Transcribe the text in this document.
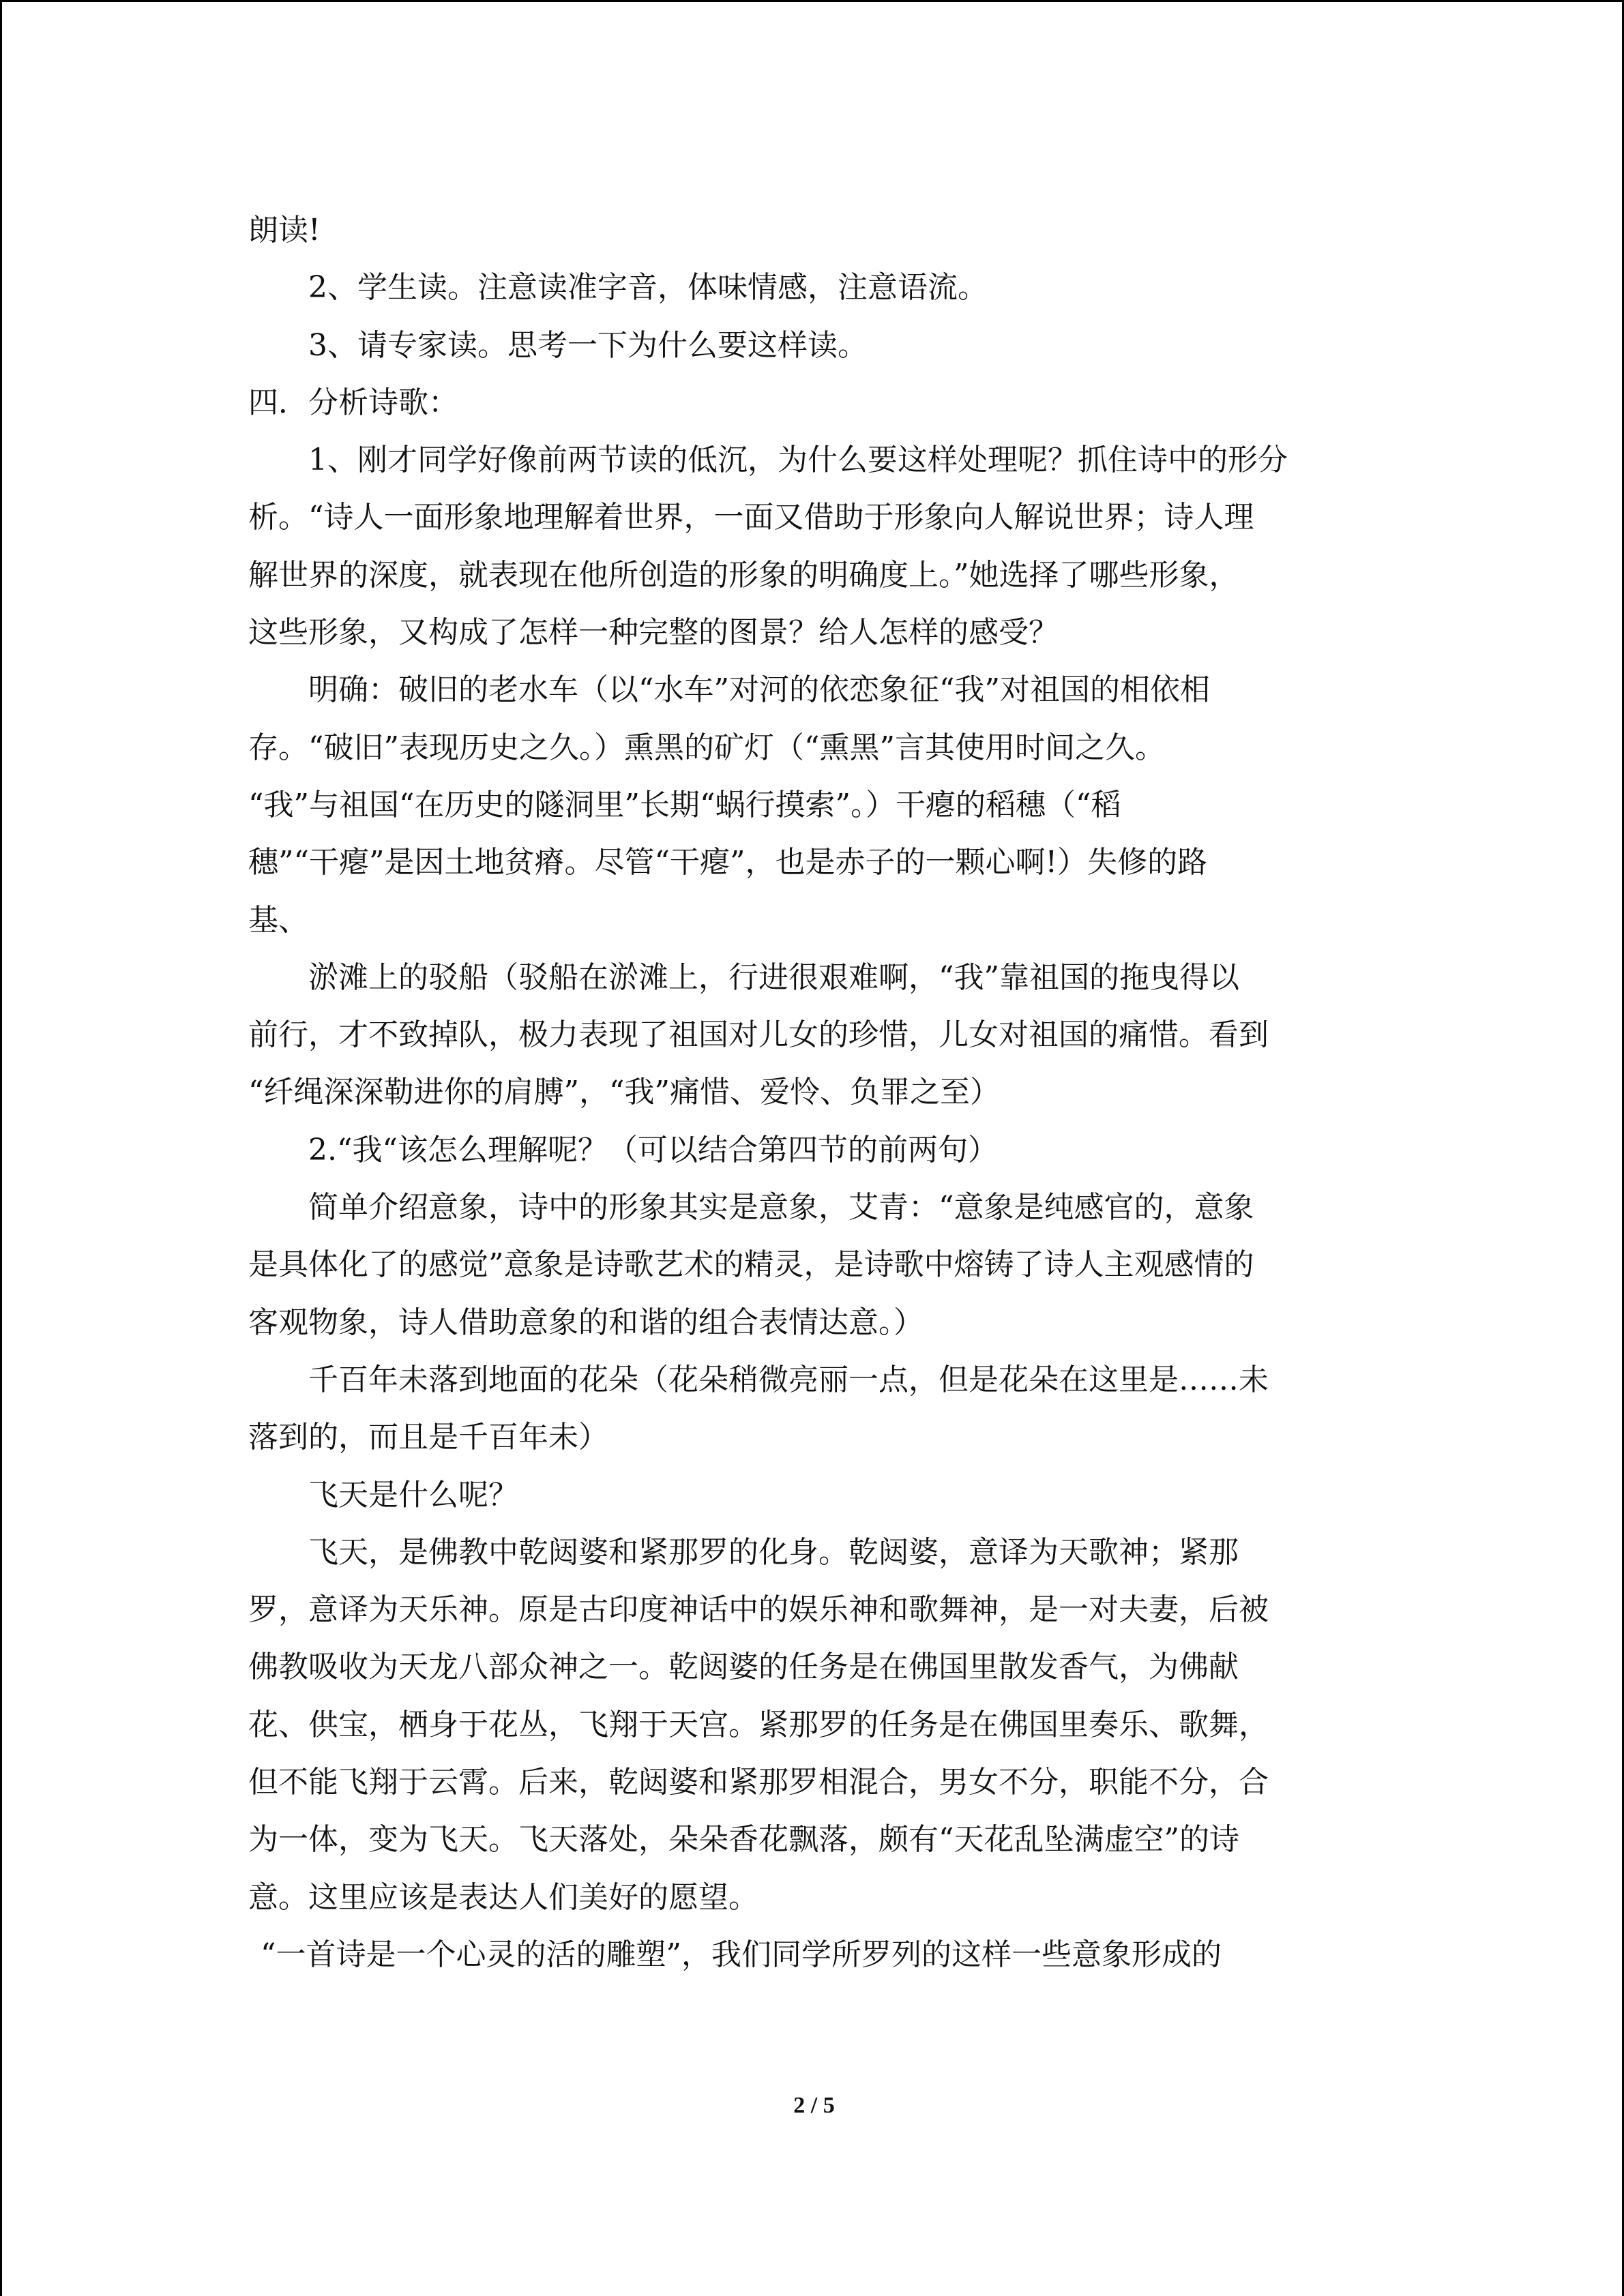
朗读!
2、学生读。注意读准字音，体味情感，注意语流。
3、请专家读。思考一下为什么要这样读。
四．分析诗歌：
1、刚才同学好像前两节读的低沉，为什么要这样处理呢？抓住诗中的形分
析。“诗人一面形象地理解着世界，一面又借助于形象向人解说世界；诗人理
解世界的深度，就表现在他所创造的形象的明确度上。”她选择了哪些形象，
这些形象，又构成了怎样一种完整的图景？给人怎样的感受？
明确：破旧的老水车（以“水车”对河的依恋象征“我”对祖国的相依相
存。“破旧”表现历史之久。）熏黑的矿灯（“熏黑”言其使用时间之久。
“我”与祖国“在历史的隧洞里”长期“蜗行摸索”。）干瘪的稻穗（“稻
穗”“干瘪”是因土地贫瘠。尽管“干瘪”，也是赤子的一颗心啊!）失修的路
基、
淤滩上的驳船（驳船在淤滩上，行进很艰难啊，“我”靠祖国的拖曳得以
前行，才不致掉队，极力表现了祖国对儿女的珍惜，儿女对祖国的痛惜。看到
“纤绳深深勒进你的肩膊”，“我”痛惜、爱怜、负罪之至）
2.“我“该怎么理解呢？（可以结合第四节的前两句）
简单介绍意象，诗中的形象其实是意象，艾青：“意象是纯感官的，意象
是具体化了的感觉”意象是诗歌艺术的精灵，是诗歌中熔铸了诗人主观感情的
客观物象，诗人借助意象的和谐的组合表情达意。）
千百年未落到地面的花朵（花朵稍微亮丽一点，但是花朵在这里是……未
落到的，而且是千百年未）
飞天是什么呢？
飞天，是佛教中乾闼婆和紧那罗的化身。乾闼婆，意译为天歌神；紧那
罗，意译为天乐神。原是古印度神话中的娱乐神和歌舞神，是一对夫妻，后被
佛教吸收为天龙八部众神之一。乾闼婆的任务是在佛国里散发香气，为佛献
花、供宝，栖身于花丛，飞翔于天宫。紧那罗的任务是在佛国里奏乐、歌舞，
但不能飞翔于云霄。后来，乾闼婆和紧那罗相混合，男女不分，职能不分，合
为一体，变为飞天。飞天落处，朵朵香花飘落，颇有“天花乱坠满虚空”的诗
意。这里应该是表达人们美好的愿望。
“一首诗是一个心灵的活的雕塑”，我们同学所罗列的这样一些意象形成的
2 / 5
